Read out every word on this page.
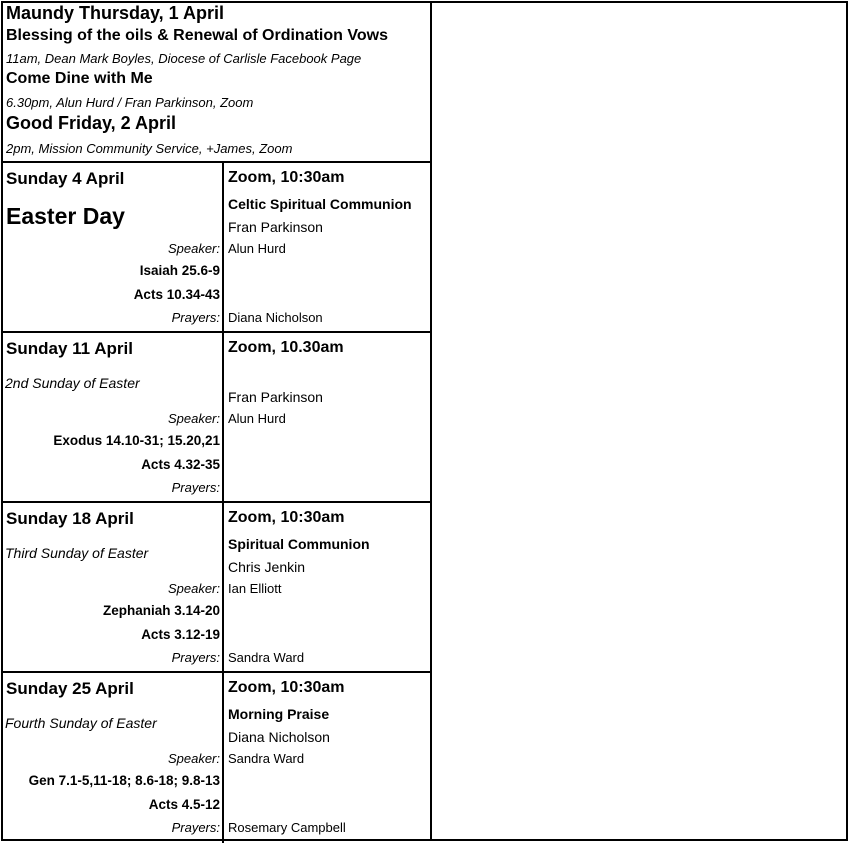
Maundy Thursday, 1 April
Blessing of the oils & Renewal of Ordination Vows
11am, Dean Mark Boyles, Diocese of Carlisle Facebook Page
Come Dine with Me
6.30pm, Alun Hurd / Fran Parkinson, Zoom
Good Friday, 2 April
2pm, Mission Community Service, +James, Zoom
Sunday 4 April
Easter Day
Speaker:
Isaiah 25.6-9
Acts 10.34-43
Prayers:
Zoom, 10:30am
Celtic Spiritual Communion
Fran Parkinson
Alun Hurd
Diana Nicholson
Sunday 11 April
2nd Sunday of Easter
Speaker:
Exodus 14.10-31; 15.20,21
Acts 4.32-35
Prayers:
Zoom, 10.30am
Fran Parkinson
Alun Hurd
Sunday 18 April
Third Sunday of Easter
Speaker:
Zephaniah 3.14-20
Acts 3.12-19
Prayers:
Zoom, 10:30am
Spiritual Communion
Chris Jenkin
Ian Elliott
Sandra Ward
Sunday 25 April
Fourth Sunday of Easter
Speaker:
Gen 7.1-5,11-18; 8.6-18; 9.8-13
Acts 4.5-12
Prayers:
Zoom, 10:30am
Morning Praise
Diana Nicholson
Sandra Ward
Rosemary Campbell
